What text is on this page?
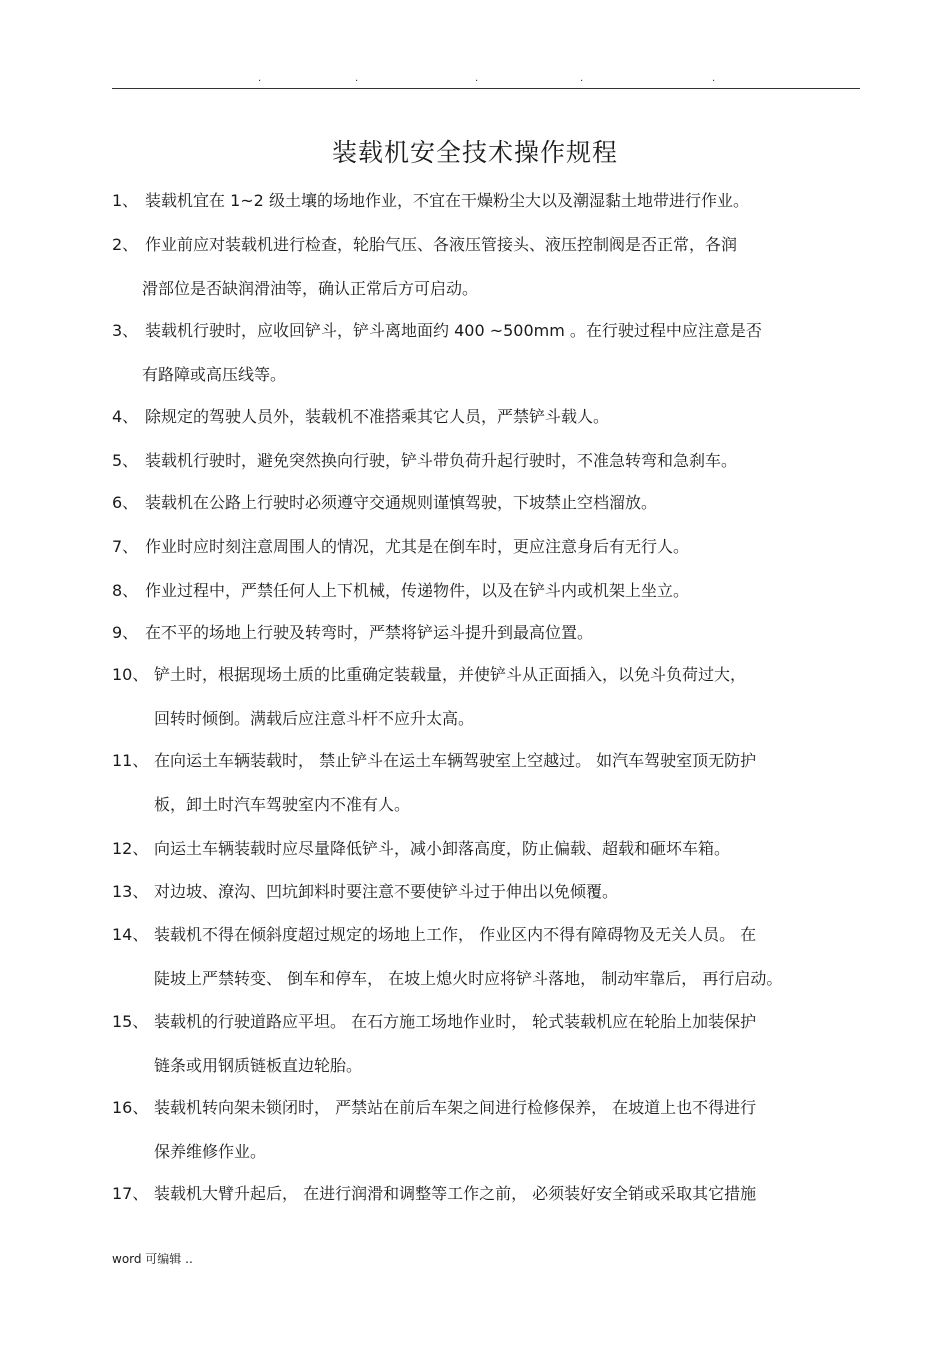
.	.	.	.	.
装载机安全技术操作规程
1、 装载机宜在 1~2 级土壤的场地作业，不宜在干燥粉尘大以及潮湿黏土地带进行作业。
2、 作业前应对装载机进行检查，轮胎气压、各液压管接头、液压控制阀是否正常，各润
滑部位是否缺润滑油等，确认正常后方可启动。
3、 装载机行驶时，应收回铲斗，铲斗离地面约 400 ~500mm 。在行驶过程中应注意是否
有路障或高压线等。
4、 除规定的驾驶人员外，装载机不准搭乘其它人员，严禁铲斗载人。
5、 装载机行驶时，避免突然换向行驶，铲斗带负荷升起行驶时，不准急转弯和急刹车。
6、 装载机在公路上行驶时必须遵守交通规则谨慎驾驶，下坡禁止空档溜放。
7、 作业时应时刻注意周围人的情况，尤其是在倒车时，更应注意身后有无行人。
8、 作业过程中，严禁任何人上下机械，传递物件，以及在铲斗内或机架上坐立。
9、 在不平的场地上行驶及转弯时，严禁将铲运斗提升到最高位置。
10、 铲土时，根据现场土质的比重确定装载量，并使铲斗从正面插入，以免斗负荷过大，
回转时倾倒。满载后应注意斗杆不应升太高。
11、 在向运土车辆装载时， 禁止铲斗在运土车辆驾驶室上空越过。 如汽车驾驶室顶无防护
板，卸土时汽车驾驶室内不准有人。
12、 向运土车辆装载时应尽量降低铲斗，减小卸落高度，防止偏载、超载和砸坏车箱。
13、 对边坡、潦沟、凹坑卸料时要注意不要使铲斗过于伸出以免倾覆。
14、 装载机不得在倾斜度超过规定的场地上工作， 作业区内不得有障碍物及无关人员。 在
陡坡上严禁转变、 倒车和停车， 在坡上熄火时应将铲斗落地， 制动牢靠后， 再行启动。
15、 装载机的行驶道路应平坦。 在石方施工场地作业时， 轮式装载机应在轮胎上加装保护
链条或用钢质链板直边轮胎。
16、 装载机转向架未锁闭时， 严禁站在前后车架之间进行检修保养， 在坡道上也不得进行
保养维修作业。
17、 装载机大臂升起后， 在进行润滑和调整等工作之前， 必须装好安全销或采取其它措施
word 可编辑 ..
